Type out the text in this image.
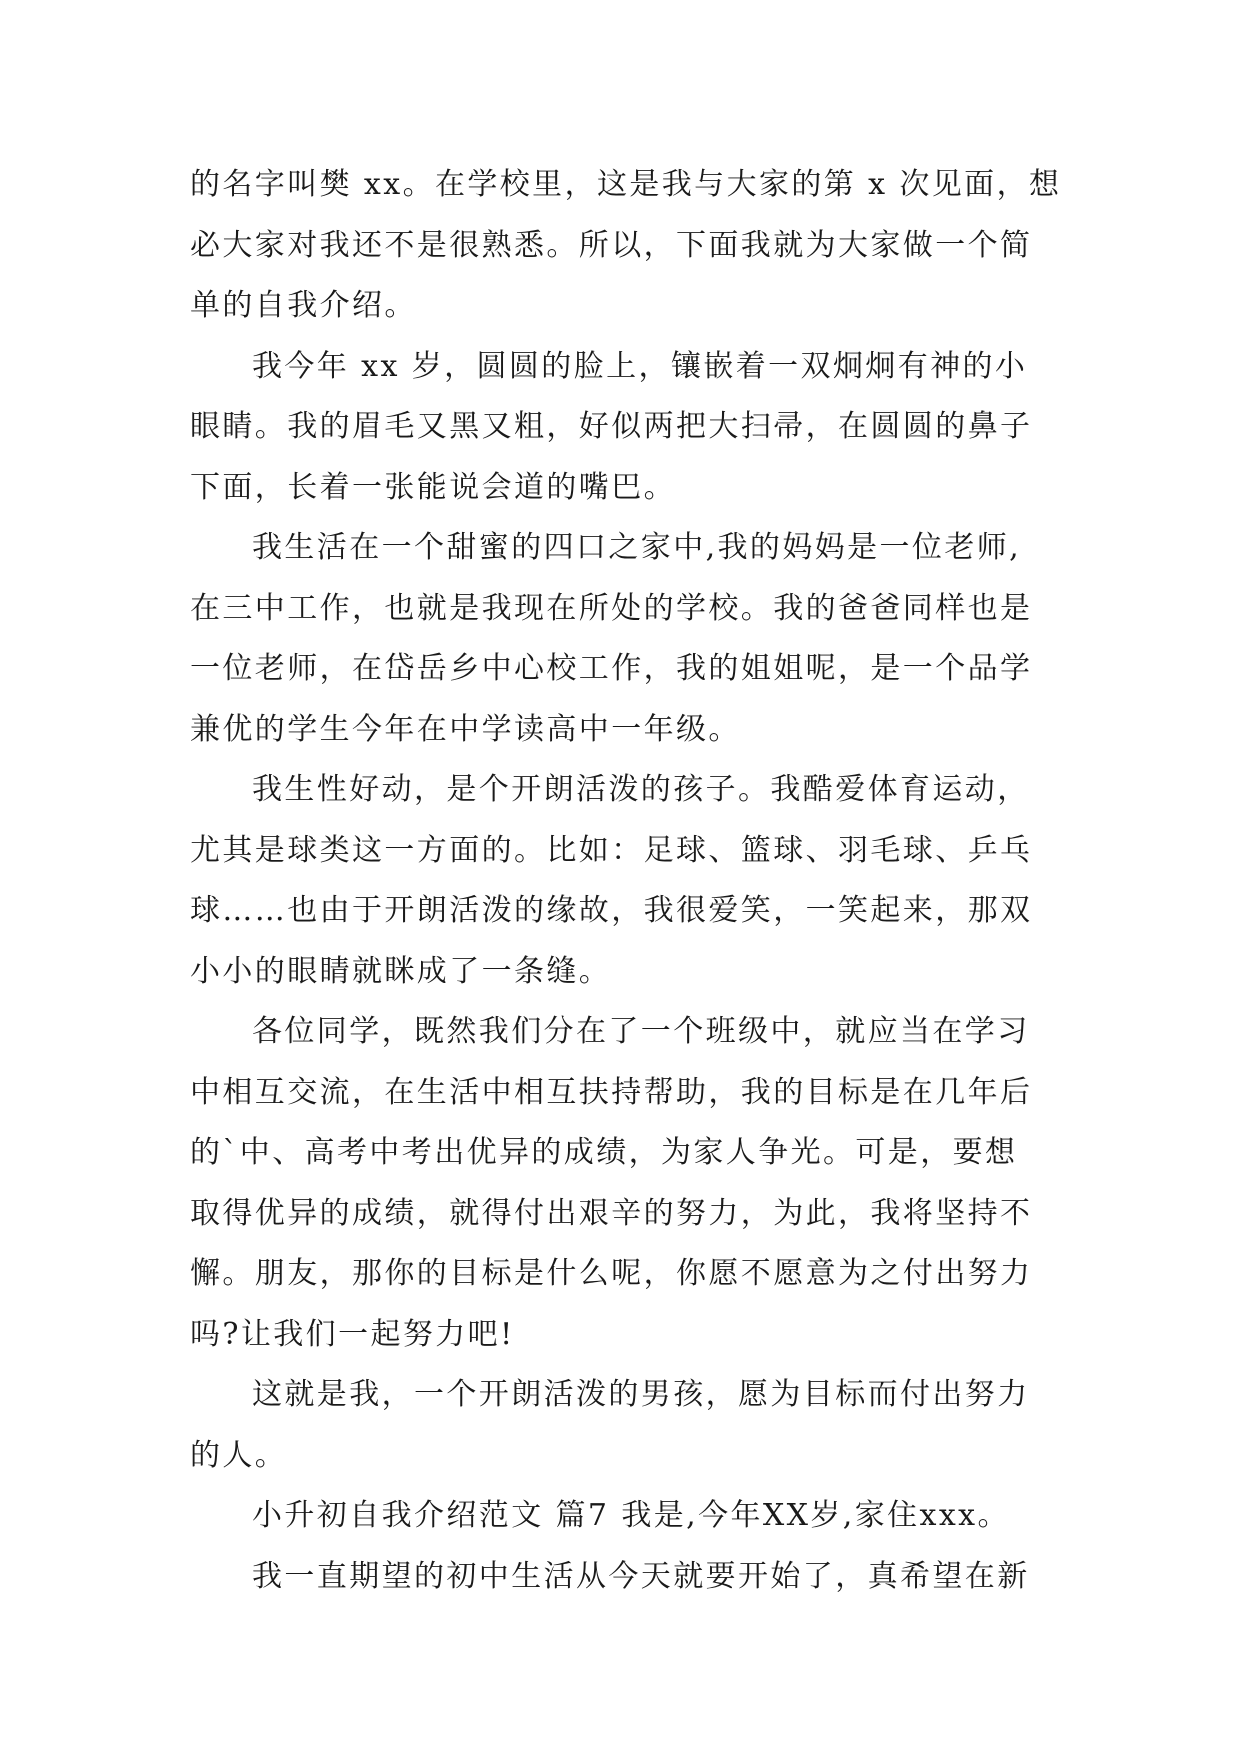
的名字叫樊 xx。在学校里，这是我与大家的第 x 次见面，想
必大家对我还不是很熟悉。所以，下面我就为大家做一个简
单的自我介绍。
我今年 xx 岁，圆圆的脸上，镶嵌着一双炯炯有神的小
眼睛。我的眉毛又黑又粗，好似两把大扫帚，在圆圆的鼻子
下面，长着一张能说会道的嘴巴。
我生活在一个甜蜜的四口之家中,我的妈妈是一位老师,
在三中工作，也就是我现在所处的学校。我的爸爸同样也是
一位老师，在岱岳乡中心校工作，我的姐姐呢，是一个品学
兼优的学生今年在中学读高中一年级。
我生性好动，是个开朗活泼的孩子。我酷爱体育运动，
尤其是球类这一方面的。比如：足球、篮球、羽毛球、乒乓
球……也由于开朗活泼的缘故，我很爱笑，一笑起来，那双
小小的眼睛就眯成了一条缝。
各位同学，既然我们分在了一个班级中，就应当在学习
中相互交流，在生活中相互扶持帮助，我的目标是在几年后
的`中、高考中考出优异的成绩，为家人争光。可是，要想
取得优异的成绩，就得付出艰辛的努力，为此，我将坚持不
懈。朋友，那你的目标是什么呢，你愿不愿意为之付出努力
吗?让我们一起努力吧!
这就是我，一个开朗活泼的男孩，愿为目标而付出努力
的人。
小升初自我介绍范文 篇7 我是,今年XX岁,家住xxx。
我一直期望的初中生活从今天就要开始了，真希望在新
